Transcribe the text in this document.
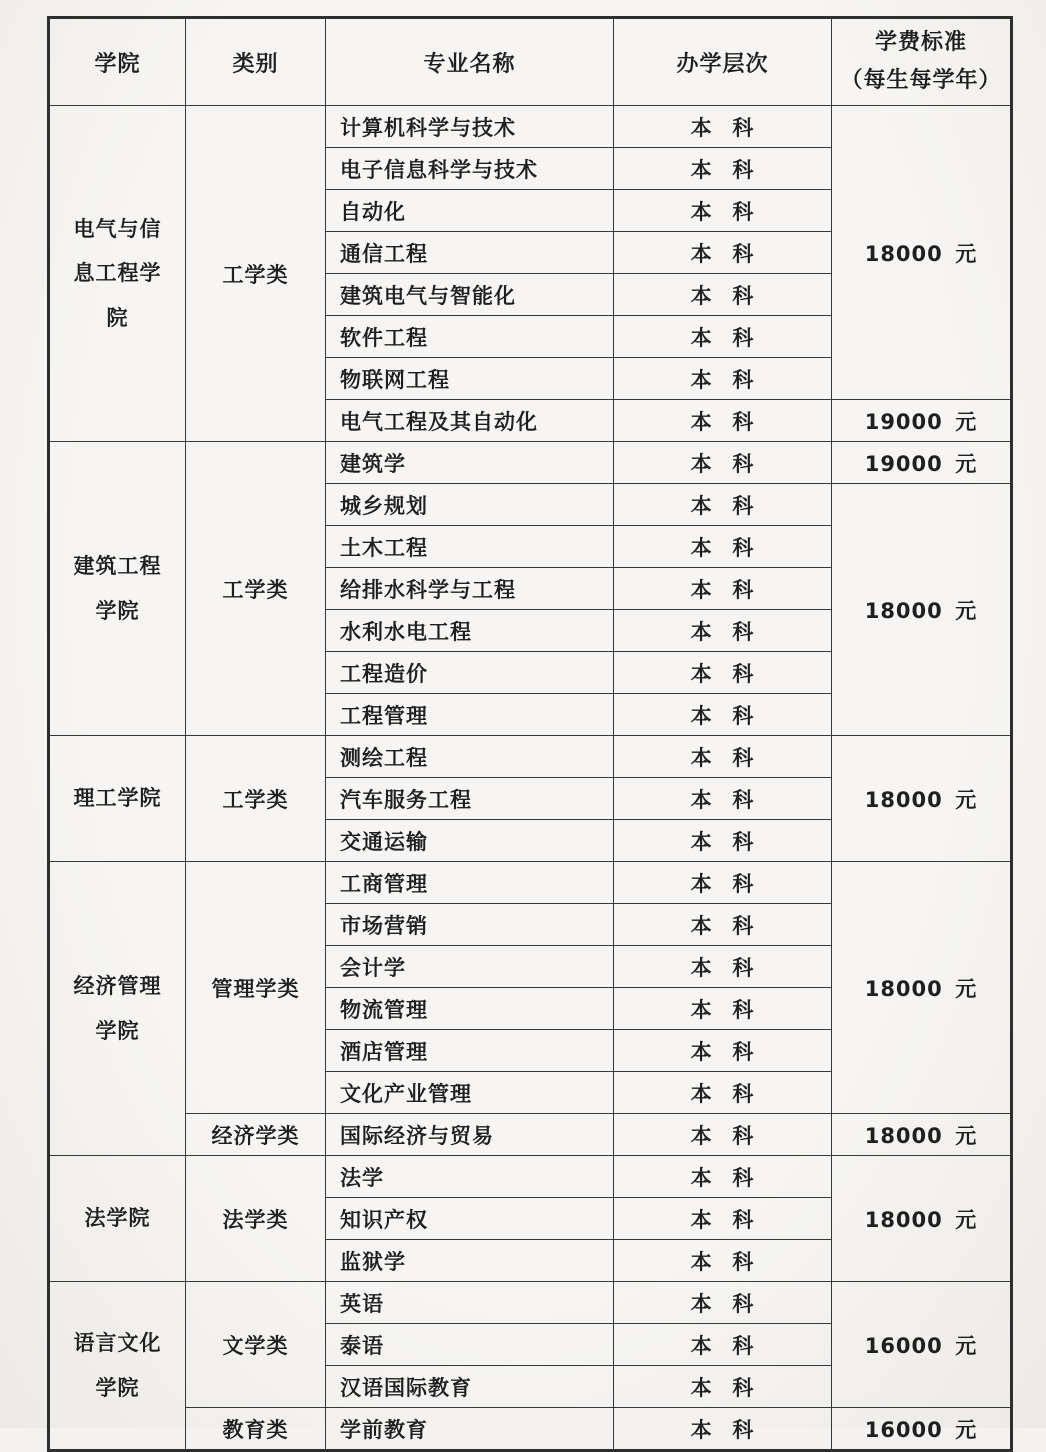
学院	类别	专业名称	办学层次	学费标准
（每生每学年）

电气与信息工程学院	工学类	计算机科学与技术	本 科	18000 元
		电子信息科学与技术	本 科	
		自动化	本 科	
		通信工程	本 科	
		建筑电气与智能化	本 科	
		软件工程	本 科	
		物联网工程	本 科	
		电气工程及其自动化	本 科	19000 元

建筑工程学院	工学类	建筑学	本 科	19000 元
		城乡规划	本 科	18000 元
		土木工程	本 科	
		给排水科学与工程	本 科	
		水利水电工程	本 科	
		工程造价	本 科	
		工程管理	本 科	

理工学院	工学类	测绘工程	本 科	18000 元
		汽车服务工程	本 科	
		交通运输	本 科	

经济管理学院	管理学类	工商管理	本 科	18000 元
		市场营销	本 科	
		会计学	本 科	
		物流管理	本 科	
		酒店管理	本 科	
		文化产业管理	本 科	
	经济学类	国际经济与贸易	本 科	18000 元

法学院	法学类	法学	本 科	18000 元
		知识产权	本 科	
		监狱学	本 科	

语言文化学院	文学类	英语	本 科	16000 元
		泰语	本 科	
		汉语国际教育	本 科	
	教育类	学前教育	本 科	16000 元
